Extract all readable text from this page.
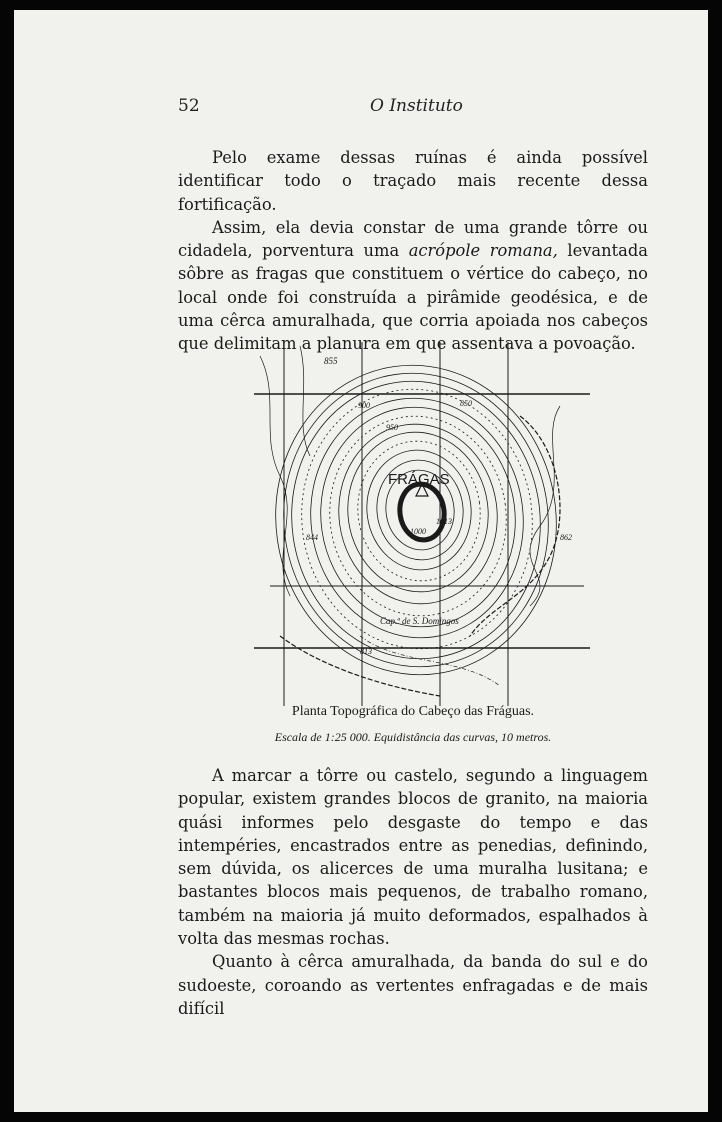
52	O Instituto

Pelo exame dessas ruínas é ainda possível identificar todo o traçado mais recente dessa fortificação.

Assim, ela devia constar de uma grande tôrre ou cidadela, porventura uma acrópole romana, levantada sôbre as fragas que constituem o vértice do cabeço, no local onde foi construída a pirâmide geodésica, e de uma cêrca amuralhada, que corria apoiada nos cabeços que delimitam a planura em que assentava a povoação.

FRÁGAS
855
1013
1000
950
900	850
862
844
813
Cap.ª de S. Domingos
Planta Topográfica do Cabeço das Fráguas.
Escala de 1:25 000. Equidistância das curvas, 10 metros.

A marcar a tôrre ou castelo, segundo a linguagem popular, existem grandes blocos de granito, na maioria quási informes pelo desgaste do tempo e das intempéries, encastrados entre as penedias, definindo, sem dúvida, os alicerces de uma muralha lusitana; e bastantes blocos mais pequenos, de trabalho romano, também na maioria já muito deformados, espalhados à volta das mesmas rochas.

Quanto à cêrca amuralhada, da banda do sul e do sudoeste, coroando as vertentes enfragadas e de mais difícil
